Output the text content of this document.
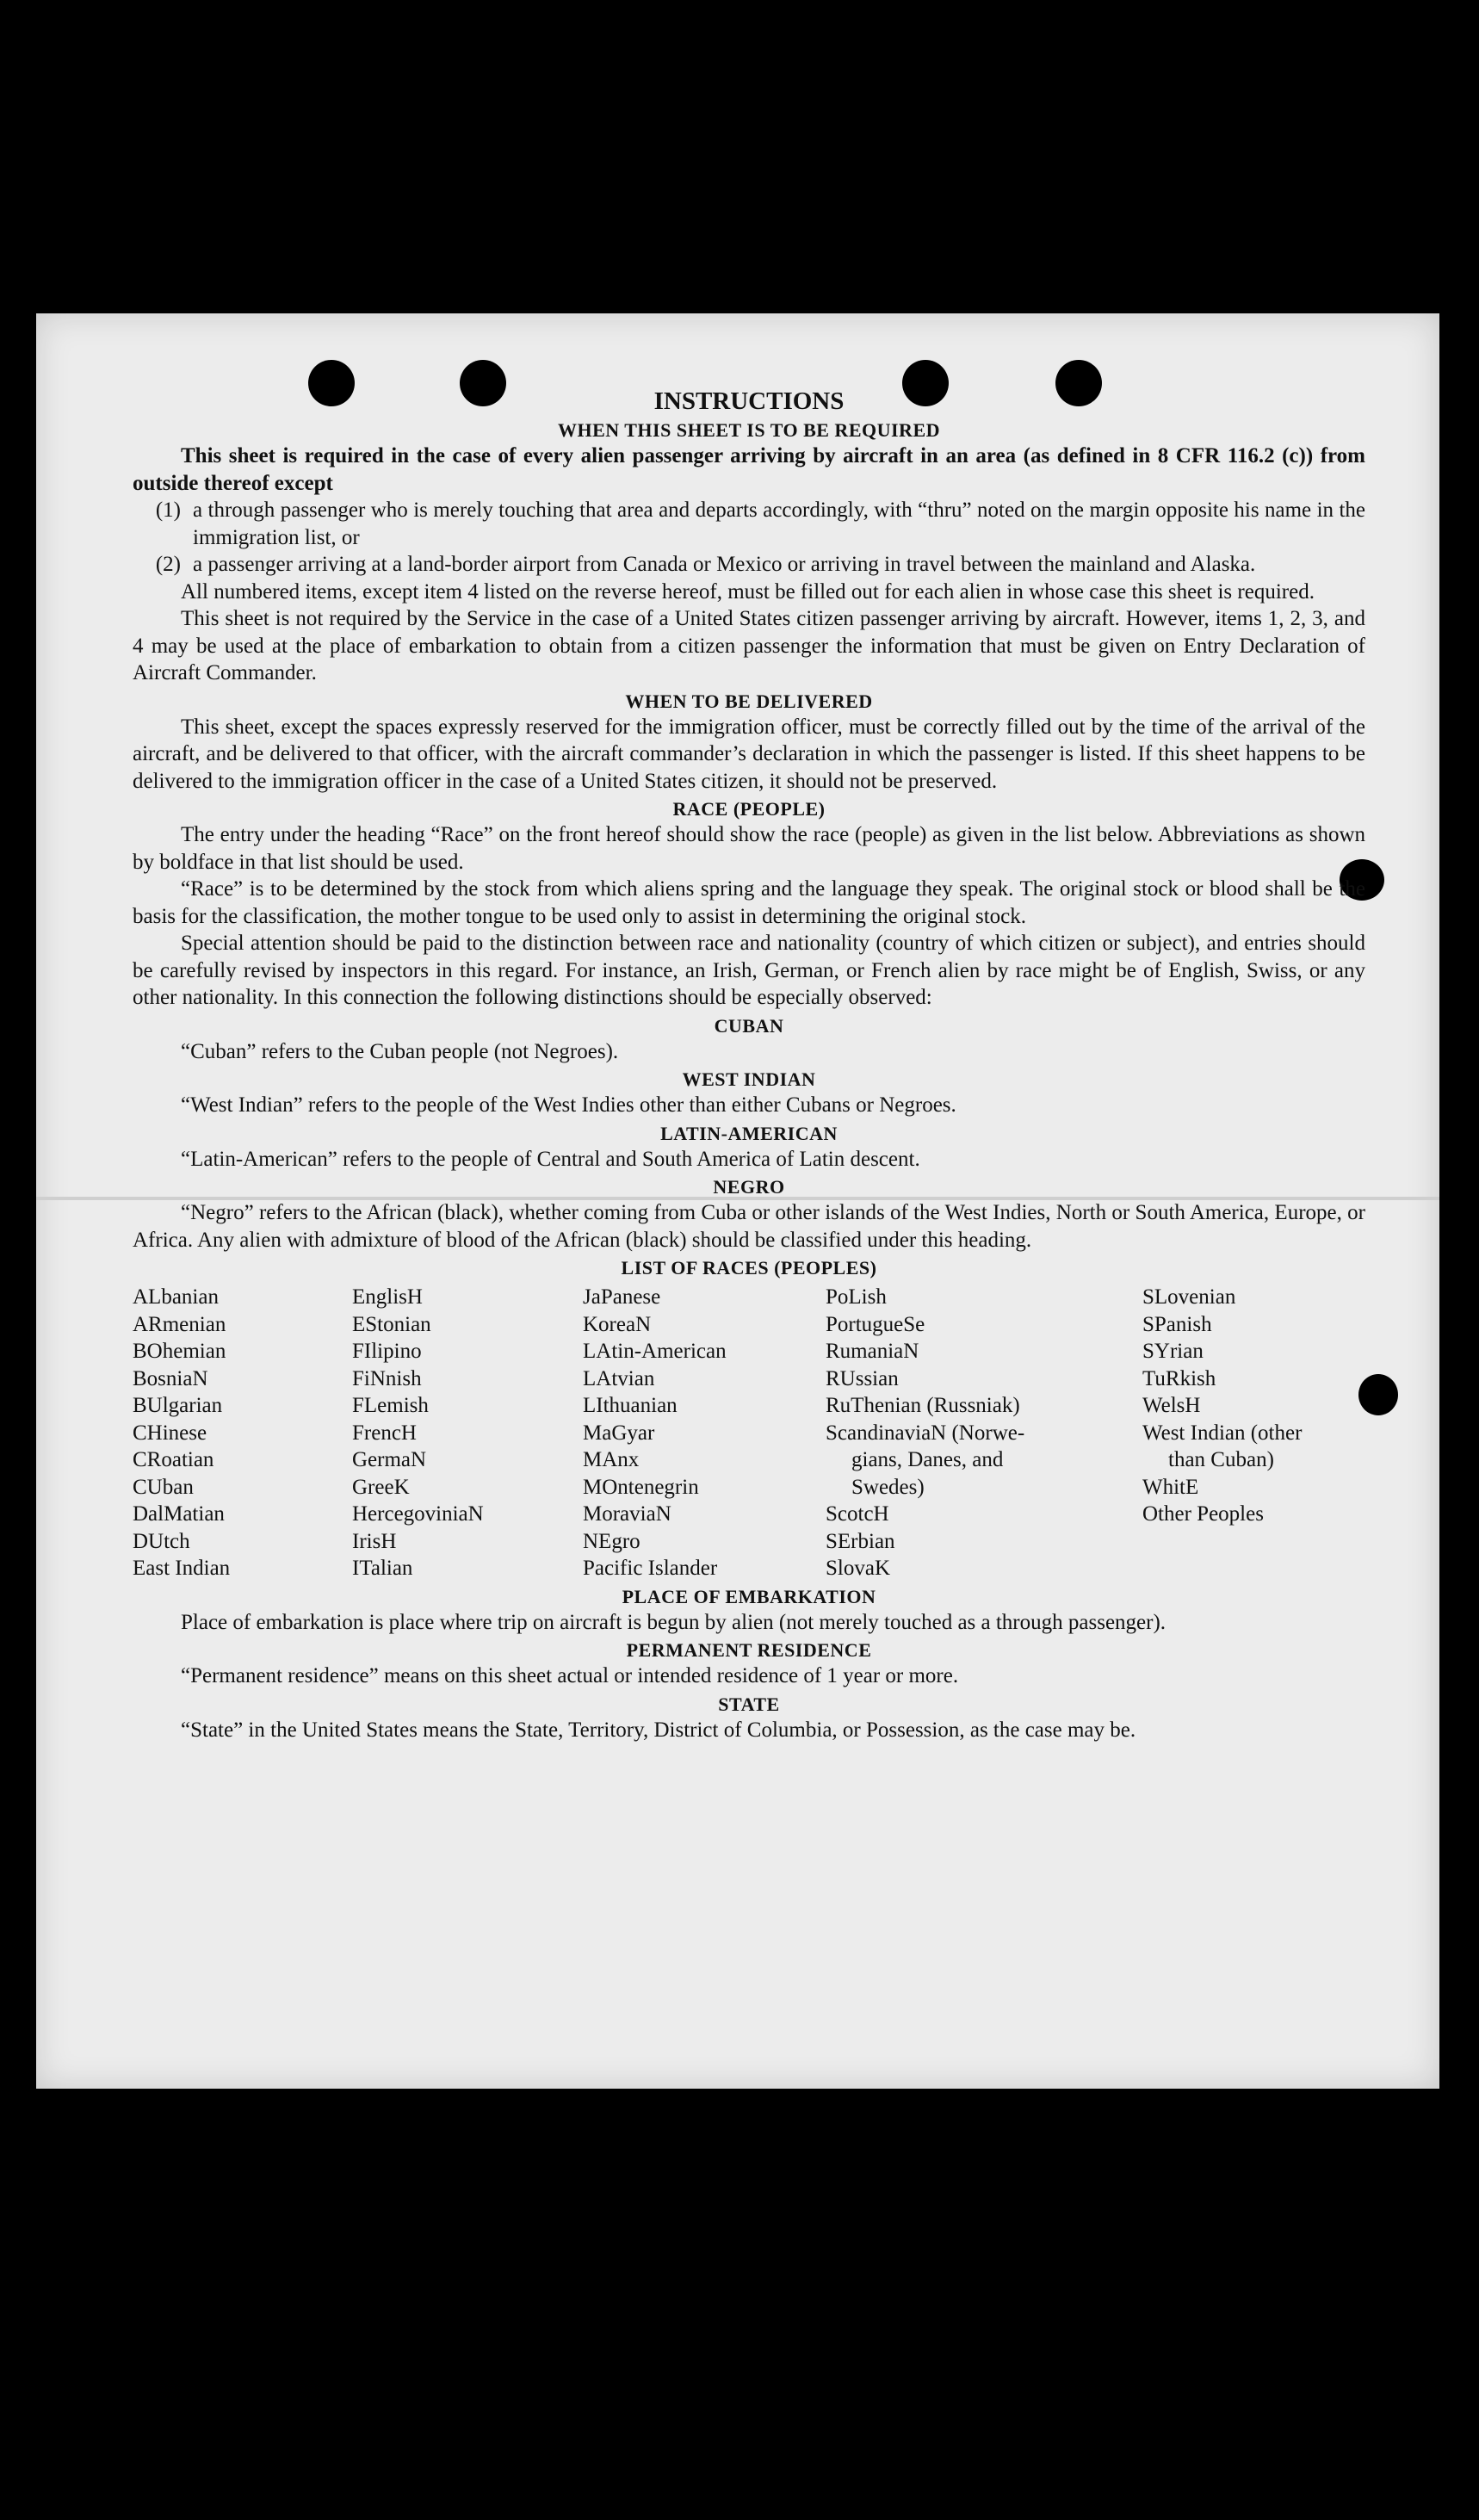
INSTRUCTIONS

WHEN THIS SHEET IS TO BE REQUIRED

This sheet is required in the case of every alien passenger arriving by aircraft in an area (as defined in 8 CFR 116.2 (c)) from outside thereof except

(1) a through passenger who is merely touching that area and departs accordingly, with “thru” noted on the margin opposite his name in the immigration list, or
(2) a passenger arriving at a land-border airport from Canada or Mexico or arriving in travel between the mainland and Alaska.

All numbered items, except item 4 listed on the reverse hereof, must be filled out for each alien in whose case this sheet is required.

This sheet is not required by the Service in the case of a United States citizen passenger arriving by aircraft. However, items 1, 2, 3, and 4 may be used at the place of embarkation to obtain from a citizen passenger the information that must be given on Entry Declaration of Aircraft Commander.

WHEN TO BE DELIVERED

This sheet, except the spaces expressly reserved for the immigration officer, must be correctly filled out by the time of the arrival of the aircraft, and be delivered to that officer, with the aircraft commander’s declaration in which the passenger is listed. If this sheet happens to be delivered to the immigration officer in the case of a United States citizen, it should not be preserved.

RACE (PEOPLE)

The entry under the heading “Race” on the front hereof should show the race (people) as given in the list below. Abbreviations as shown by boldface in that list should be used.

“Race” is to be determined by the stock from which aliens spring and the language they speak. The original stock or blood shall be the basis for the classification, the mother tongue to be used only to assist in determining the original stock.

Special attention should be paid to the distinction between race and nationality (country of which citizen or subject), and entries should be carefully revised by inspectors in this regard. For instance, an Irish, German, or French alien by race might be of English, Swiss, or any other nationality. In this connection the following distinctions should be especially observed:

CUBAN

“Cuban” refers to the Cuban people (not Negroes).

WEST INDIAN

“West Indian” refers to the people of the West Indies other than either Cubans or Negroes.

LATIN-AMERICAN

“Latin-American” refers to the people of Central and South America of Latin descent.

NEGRO

“Negro” refers to the African (black), whether coming from Cuba or other islands of the West Indies, North or South America, Europe, or Africa. Any alien with admixture of blood of the African (black) should be classified under this heading.

LIST OF RACES (PEOPLES)

ALbanian
ARmenian
BOhemian
BosniaN
BUlgarian
CHinese
CRoatian
CUban
DalMatian
DUtch
East Indian
EnglisH
EStonian
FIlipino
FiNnish
FLemish
FrencH
GermaN
GreeK
HercegoviniaN
IrisH
ITalian
JaPanese
KoreaN
LAtin-American
LAtvian
LIthuanian
MaGyar
MAnx
MOntenegrin
MoraviaN
NEgro
Pacific Islander
PoLish
PortugueSe
RumaniaN
RUssian
RuThenian (Russniak)
ScandinaviaN (Norwe-
gians, Danes, and
Swedes)
ScotcH
SErbian
SlovaK
SLovenian
SPanish
SYrian
TuRkish
WelsH
West Indian (other
than Cuban)
WhitE
Other Peoples

PLACE OF EMBARKATION

Place of embarkation is place where trip on aircraft is begun by alien (not merely touched as a through passenger).

PERMANENT RESIDENCE

“Permanent residence” means on this sheet actual or intended residence of 1 year or more.

STATE

“State” in the United States means the State, Territory, District of Columbia, or Possession, as the case may be.
